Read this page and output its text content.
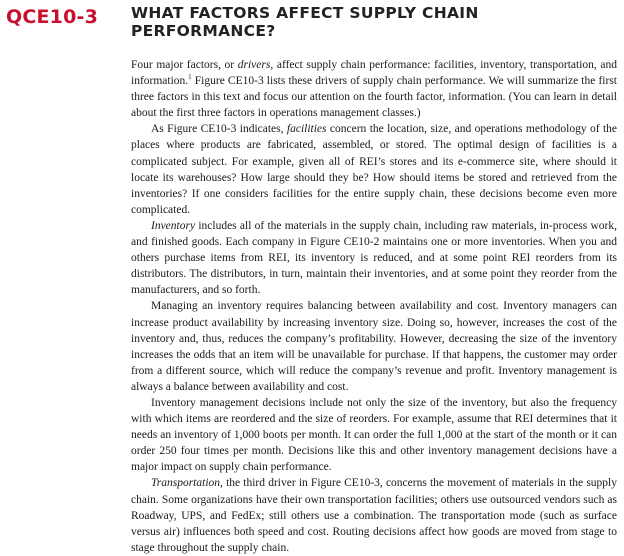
QCE10-3 WHAT FACTORS AFFECT SUPPLY CHAIN PERFORMANCE?

Four major factors, or drivers, affect supply chain performance: facilities, inventory, transportation, and information.$^1$ Figure CE10-3 lists these drivers of supply chain performance. We will summarize the first three factors in this text and focus our attention on the fourth factor, information. (You can learn in detail about the first three factors in operations management classes.)

As Figure CE10-3 indicates, facilities concern the location, size, and operations methodology of the places where products are fabricated, assembled, or stored. The optimal design of facilities is a complicated subject. For example, given all of REI’s stores and its e-commerce site, where should it locate its warehouses? How large should they be? How should items be stored and retrieved from the inventories? If one considers facilities for the entire supply chain, these decisions become even more complicated.

Inventory includes all of the materials in the supply chain, including raw materials, in-process work, and finished goods. Each company in Figure CE10-2 maintains one or more inventories. When you and others purchase items from REI, its inventory is reduced, and at some point REI reorders from its distributors. The distributors, in turn, maintain their inventories, and at some point they reorder from the manufacturers, and so forth.

Managing an inventory requires balancing between availability and cost. Inventory managers can increase product availability by increasing inventory size. Doing so, however, increases the cost of the inventory and, thus, reduces the company’s profitability. However, decreasing the size of the inventory increases the odds that an item will be unavailable for purchase. If that happens, the customer may order from a different source, which will reduce the company’s revenue and profit. Inventory management is always a balance between availability and cost.

Inventory management decisions include not only the size of the inventory, but also the frequency with which items are reordered and the size of reorders. For example, assume that REI determines that it needs an inventory of 1,000 boots per month. It can order the full 1,000 at the start of the month or it can order 250 four times per month. Decisions like this and other inventory management decisions have a major impact on supply chain performance.

Transportation, the third driver in Figure CE10-3, concerns the movement of materials in the supply chain. Some organizations have their own transportation facilities; others use outsourced vendors such as Roadway, UPS, and FedEx; still others use a combination. The transportation mode (such as surface versus air) influences both speed and cost. Routing decisions affect how goods are moved from stage to stage throughout the supply chain.
